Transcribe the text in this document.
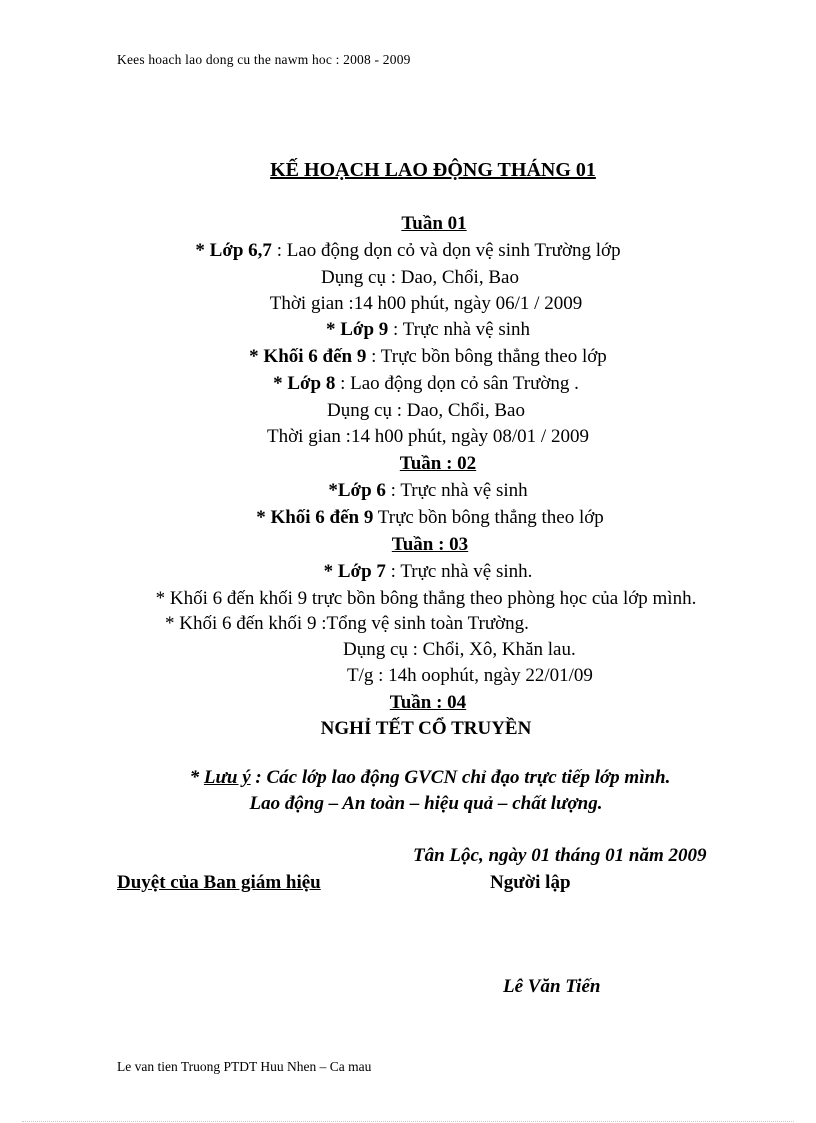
Kees hoach lao dong cu the nawm hoc : 2008 - 2009
KẾ HOẠCH LAO ĐỘNG THÁNG 01
Tuần 01
* Lớp 6,7 : Lao động dọn cỏ và dọn vệ sinh Trường lớp
Dụng cụ : Dao, Chổi, Bao
Thời gian :14 h00 phút, ngày 06/1 / 2009
* Lớp 9 : Trực nhà vệ sinh
* Khối 6 đến 9 : Trực bồn bông thẳng theo lớp
* Lớp 8 : Lao động dọn cỏ sân Trường .
Dụng cụ : Dao, Chổi, Bao
Thời gian :14 h00 phút, ngày 08/01 / 2009
Tuần : 02
*Lớp 6 : Trực nhà vệ sinh
* Khối 6 đến 9 Trực bồn bông thẳng theo lớp
Tuần : 03
* Lớp 7 : Trực nhà vệ sinh.
* Khối 6 đến khối 9 trực bồn bông thẳng theo phòng học của lớp mình.
* Khối 6 đến khối 9 :Tổng vệ sinh toàn Trường.
Dụng cụ : Chổi, Xô, Khăn lau.
T/g : 14h oophút, ngày 22/01/09
Tuần : 04
NGHỈ TẾT CỔ TRUYỀN
* Lưu ý : Các lớp lao động GVCN chỉ đạo trực tiếp lớp mình.
Lao động – An toàn – hiệu quả – chất lượng.
Tân Lộc, ngày 01 tháng 01 năm 2009
Duyệt của Ban giám hiệu	Người lập
Lê Văn Tiến
Le van tien Truong PTDT Huu Nhen – Ca mau
